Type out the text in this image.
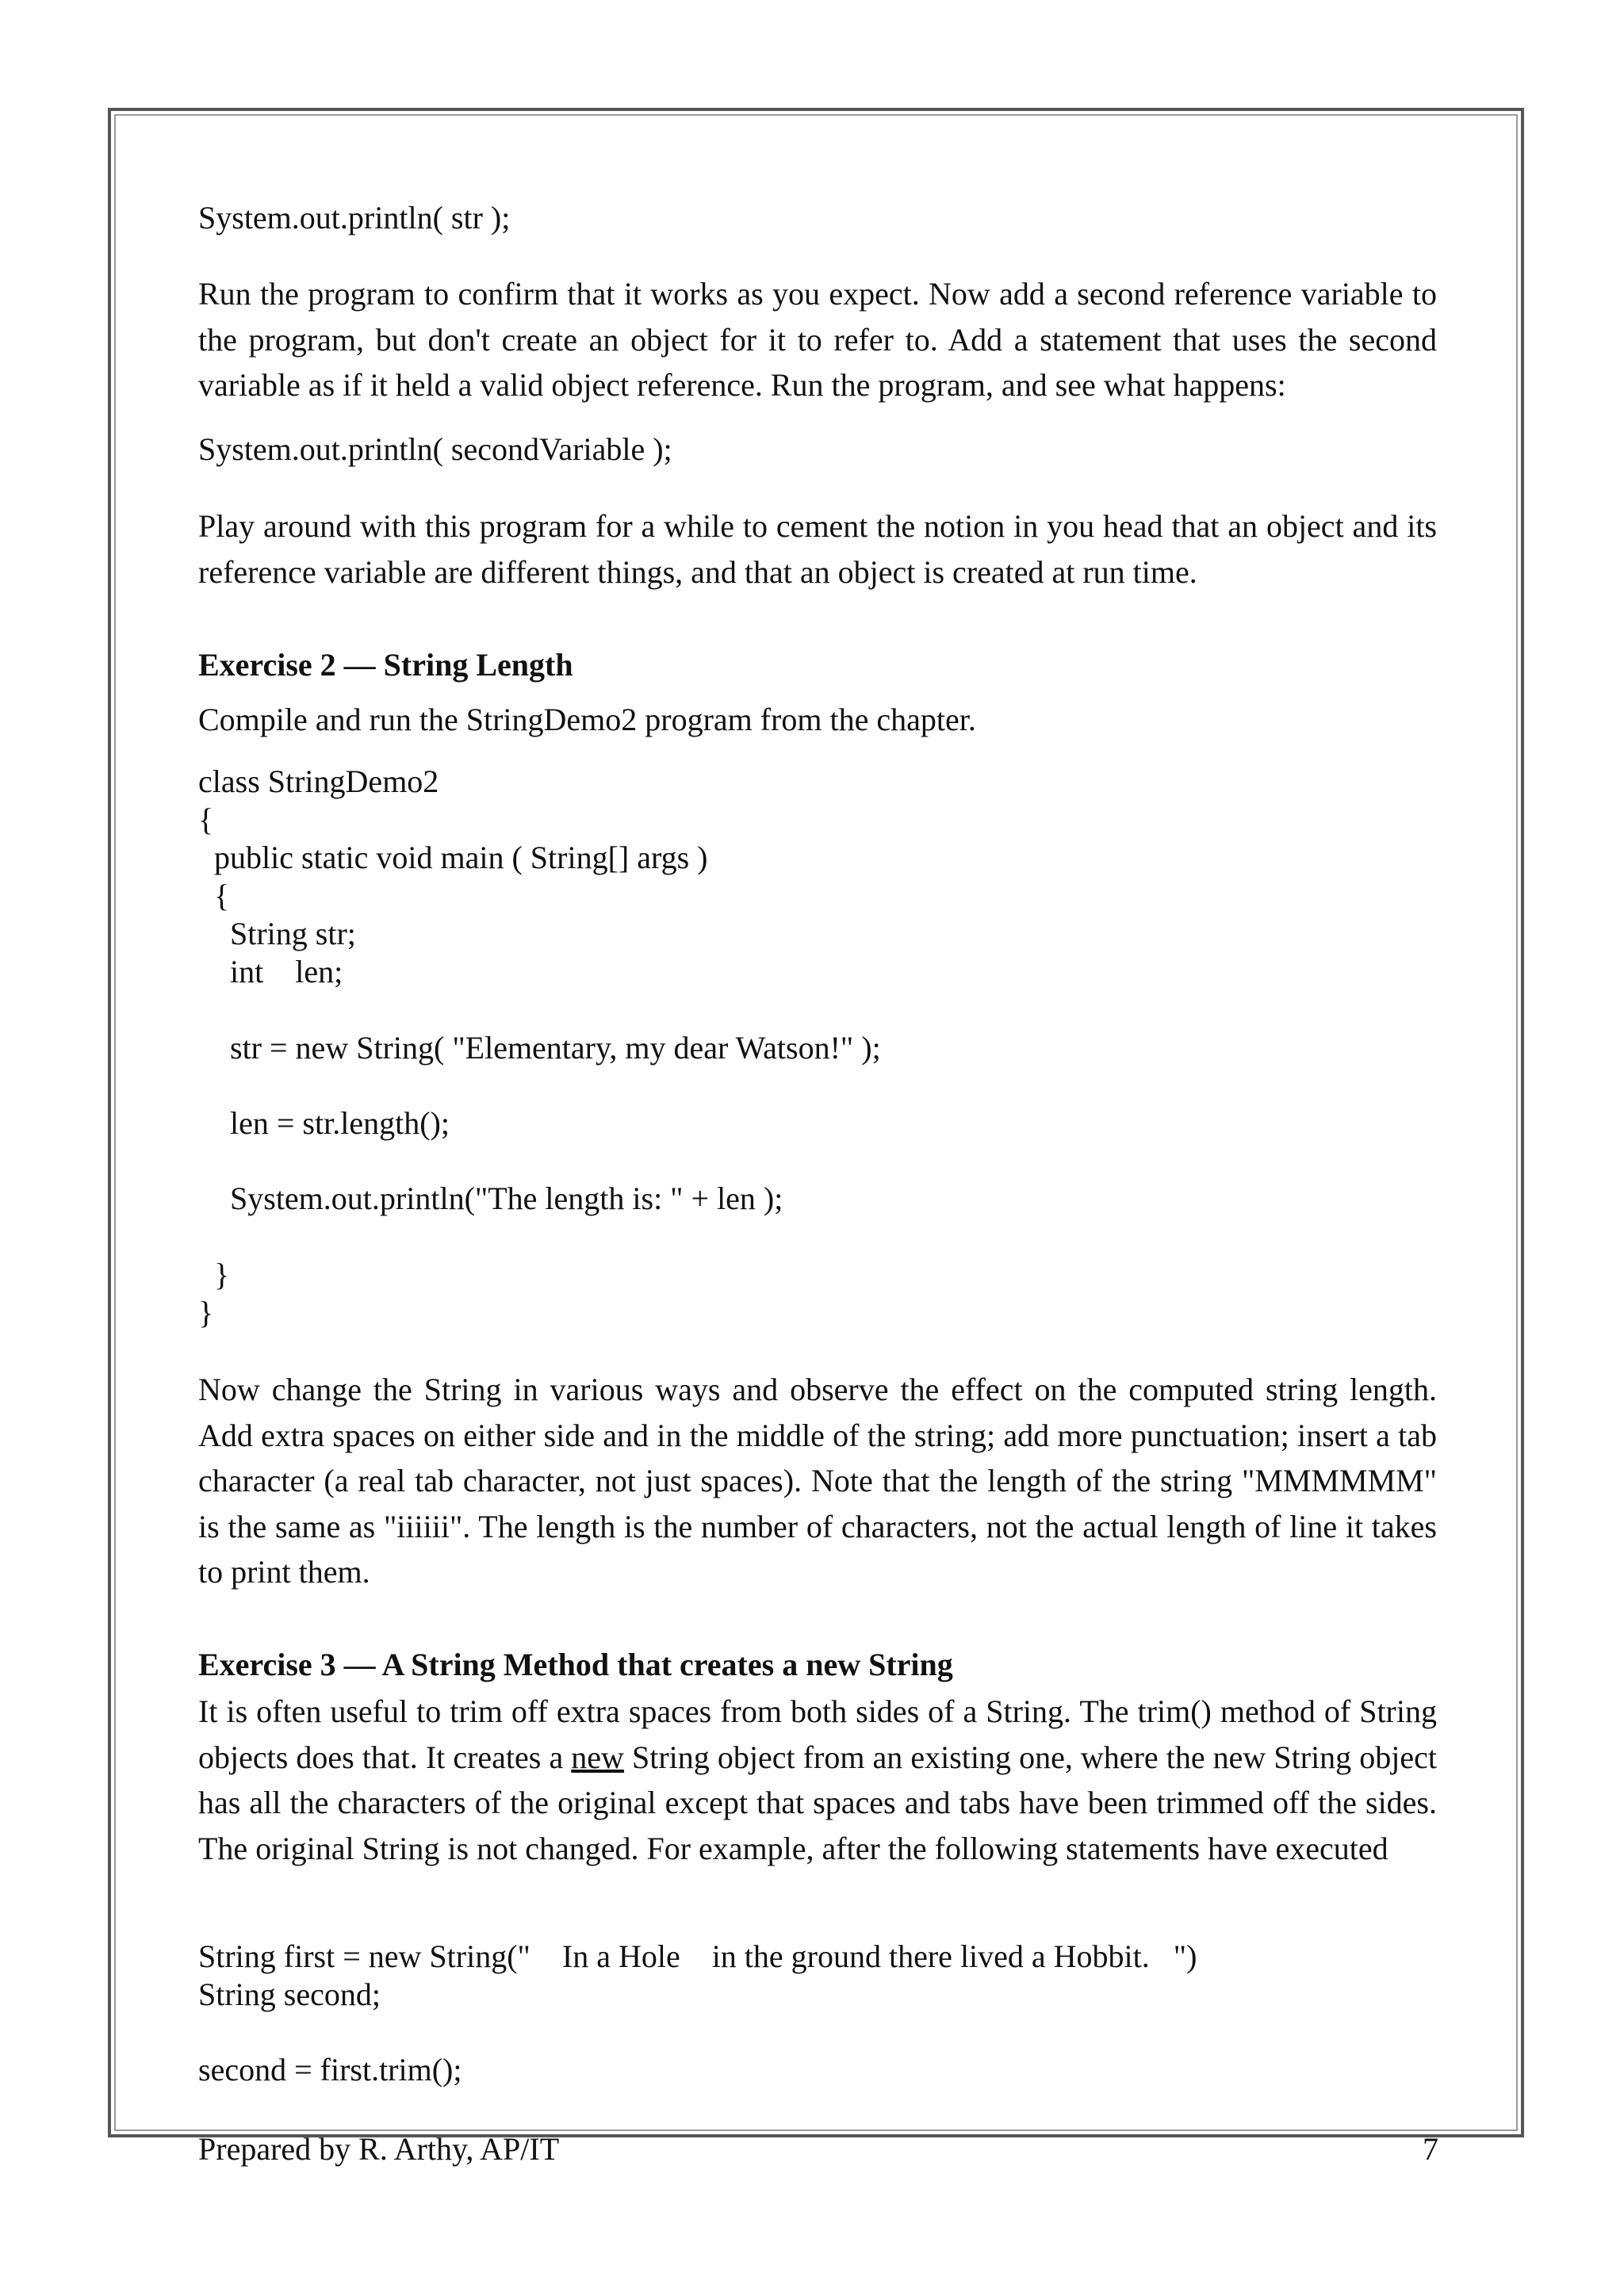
System.out.println( str );

Run the program to confirm that it works as you expect. Now add a second reference variable to the program, but don't create an object for it to refer to. Add a statement that uses the second variable as if it held a valid object reference. Run the program, and see what happens:

System.out.println( secondVariable );

Play around with this program for a while to cement the notion in you head that an object and its reference variable are different things, and that an object is created at run time.

Exercise 2 — String Length

Compile and run the StringDemo2 program from the chapter.

class StringDemo2

{

public static void main ( String[] args )

{

String str;

int    len;

str = new String( "Elementary, my dear Watson!" );

len = str.length();

System.out.println("The length is: " + len );

}

}

Now change the String in various ways and observe the effect on the computed string length. Add extra spaces on either side and in the middle of the string; add more punctuation; insert a tab character (a real tab character, not just spaces). Note that the length of the string "MMMMMM" is the same as "iiiiii". The length is the number of characters, not the actual length of line it takes to print them.

Exercise 3 — A String Method that creates a new String

It is often useful to trim off extra spaces from both sides of a String. The trim() method of String objects does that. It creates a new String object from an existing one, where the new String object has all the characters of the original except that spaces and tabs have been trimmed off the sides. The original String is not changed. For example, after the following statements have executed

String first = new String("    In a Hole    in the ground there lived a Hobbit.   ")

String second;

second = first.trim();

Prepared by R. Arthy, AP/IT	7
